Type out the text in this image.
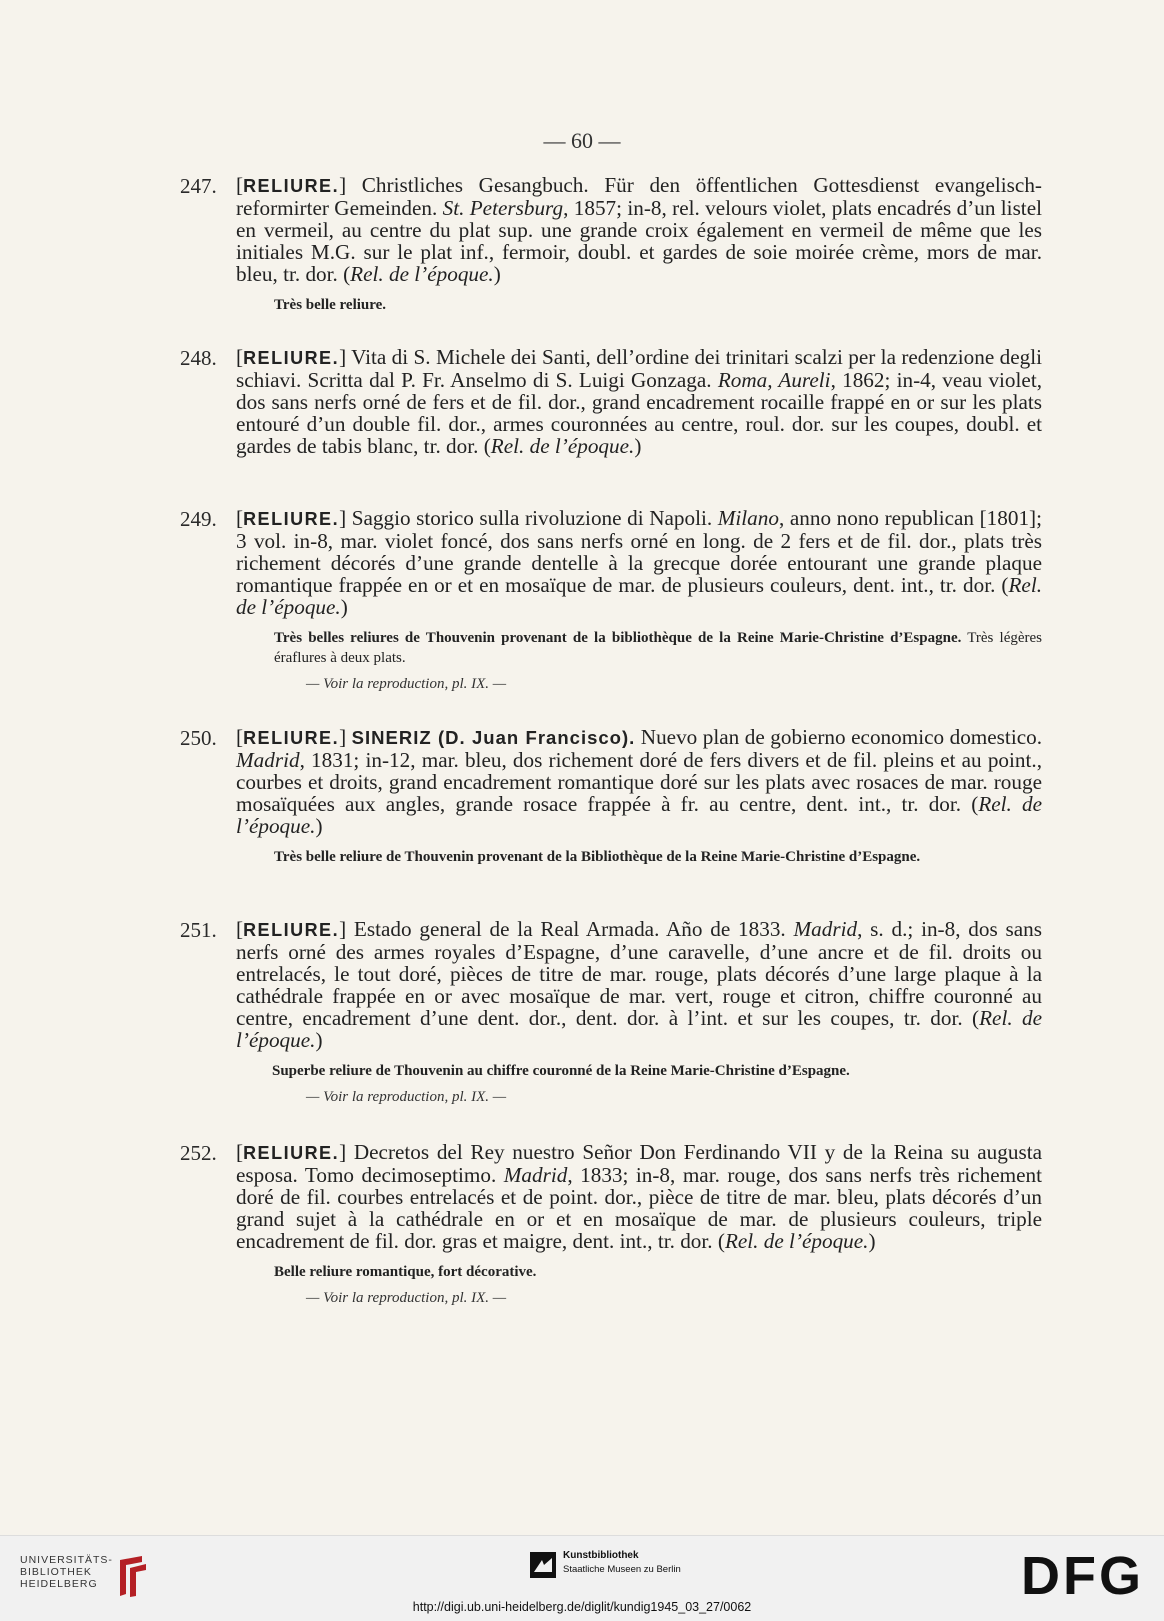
— 60 —
247. [RELIURE.] Christliches Gesangbuch. Für den öffentlichen Gottesdienst evangelisch-reformirter Gemeinden. St. Petersburg, 1857; in-8, rel. velours violet, plats encadrés d’un listel en vermeil, au centre du plat sup. une grande croix également en vermeil de même que les initiales M.G. sur le plat inf., fermoir, doubl. et gardes de soie moirée crème, mors de mar. bleu, tr. dor. (Rel. de l’époque.)
Très belle reliure.
248. [RELIURE.] Vita di S. Michele dei Santi, dell’ordine dei trinitari scalzi per la redenzione degli schiavi. Scritta dal P. Fr. Anselmo di S. Luigi Gonzaga. Roma, Aureli, 1862; in-4, veau violet, dos sans nerfs orné de fers et de fil. dor., grand encadrement rocaille frappé en or sur les plats entouré d’un double fil. dor., armes couronnées au centre, roul. dor. sur les coupes, doubl. et gardes de tabis blanc, tr. dor. (Rel. de l’époque.)
249. [RELIURE.] Saggio storico sulla rivoluzione di Napoli. Milano, anno nono republican [1801]; 3 vol. in-8, mar. violet foncé, dos sans nerfs orné en long. de 2 fers et de fil. dor., plats très richement décorés d’une grande dentelle à la grecque dorée entourant une grande plaque romantique frappée en or et en mosaïque de mar. de plusieurs couleurs, dent. int., tr. dor. (Rel. de l’époque.)
Très belles reliures de Thouvenin provenant de la bibliothèque de la Reine Marie-Christine d’Espagne. Très légères éraflures à deux plats.
— Voir la reproduction, pl. IX. —
250. [RELIURE.] SINERIZ (D. Juan Francisco). Nuevo plan de gobierno economico domestico. Madrid, 1831; in-12, mar. bleu, dos richement doré de fers divers et de fil. pleins et au point., courbes et droits, grand encadrement romantique doré sur les plats avec rosaces de mar. rouge mosaïquées aux angles, grande rosace frappée à fr. au centre, dent. int., tr. dor. (Rel. de l’époque.)
Très belle reliure de Thouvenin provenant de la Bibliothèque de la Reine Marie-Christine d’Espagne.
251. [RELIURE.] Estado general de la Real Armada. Año de 1833. Madrid, s. d.; in-8, dos sans nerfs orné des armes royales d’Espagne, d’une caravelle, d’une ancre et de fil. droits ou entrelacés, le tout doré, pièces de titre de mar. rouge, plats décorés d’une large plaque à la cathédrale frappée en or avec mosaïque de mar. vert, rouge et citron, chiffre couronné au centre, encadrement d’une dent. dor., dent. dor. à l’int. et sur les coupes, tr. dor. (Rel. de l’époque.)
Superbe reliure de Thouvenin au chiffre couronné de la Reine Marie-Christine d’Espagne.
— Voir la reproduction, pl. IX. —
252. [RELIURE.] Decretos del Rey nuestro Señor Don Ferdinando VII y de la Reina su augusta esposa. Tomo decimoseptimo. Madrid, 1833; in-8, mar. rouge, dos sans nerfs très richement doré de fil. courbes entrelacés et de point. dor., pièce de titre de mar. bleu, plats décorés d’un grand sujet à la cathédrale en or et en mosaïque de mar. de plusieurs couleurs, triple encadrement de fil. dor. gras et maigre, dent. int., tr. dor. (Rel. de l’époque.)
Belle reliure romantique, fort décorative.
— Voir la reproduction, pl. IX. —
UNIVERSITÄTS-
BIBLIOTHEK
HEIDELBERG
Kunstbibliothek
Staatliche Museen zu Berlin	DFG
http://digi.ub.uni-heidelberg.de/diglit/kundig1945_03_27/0062
